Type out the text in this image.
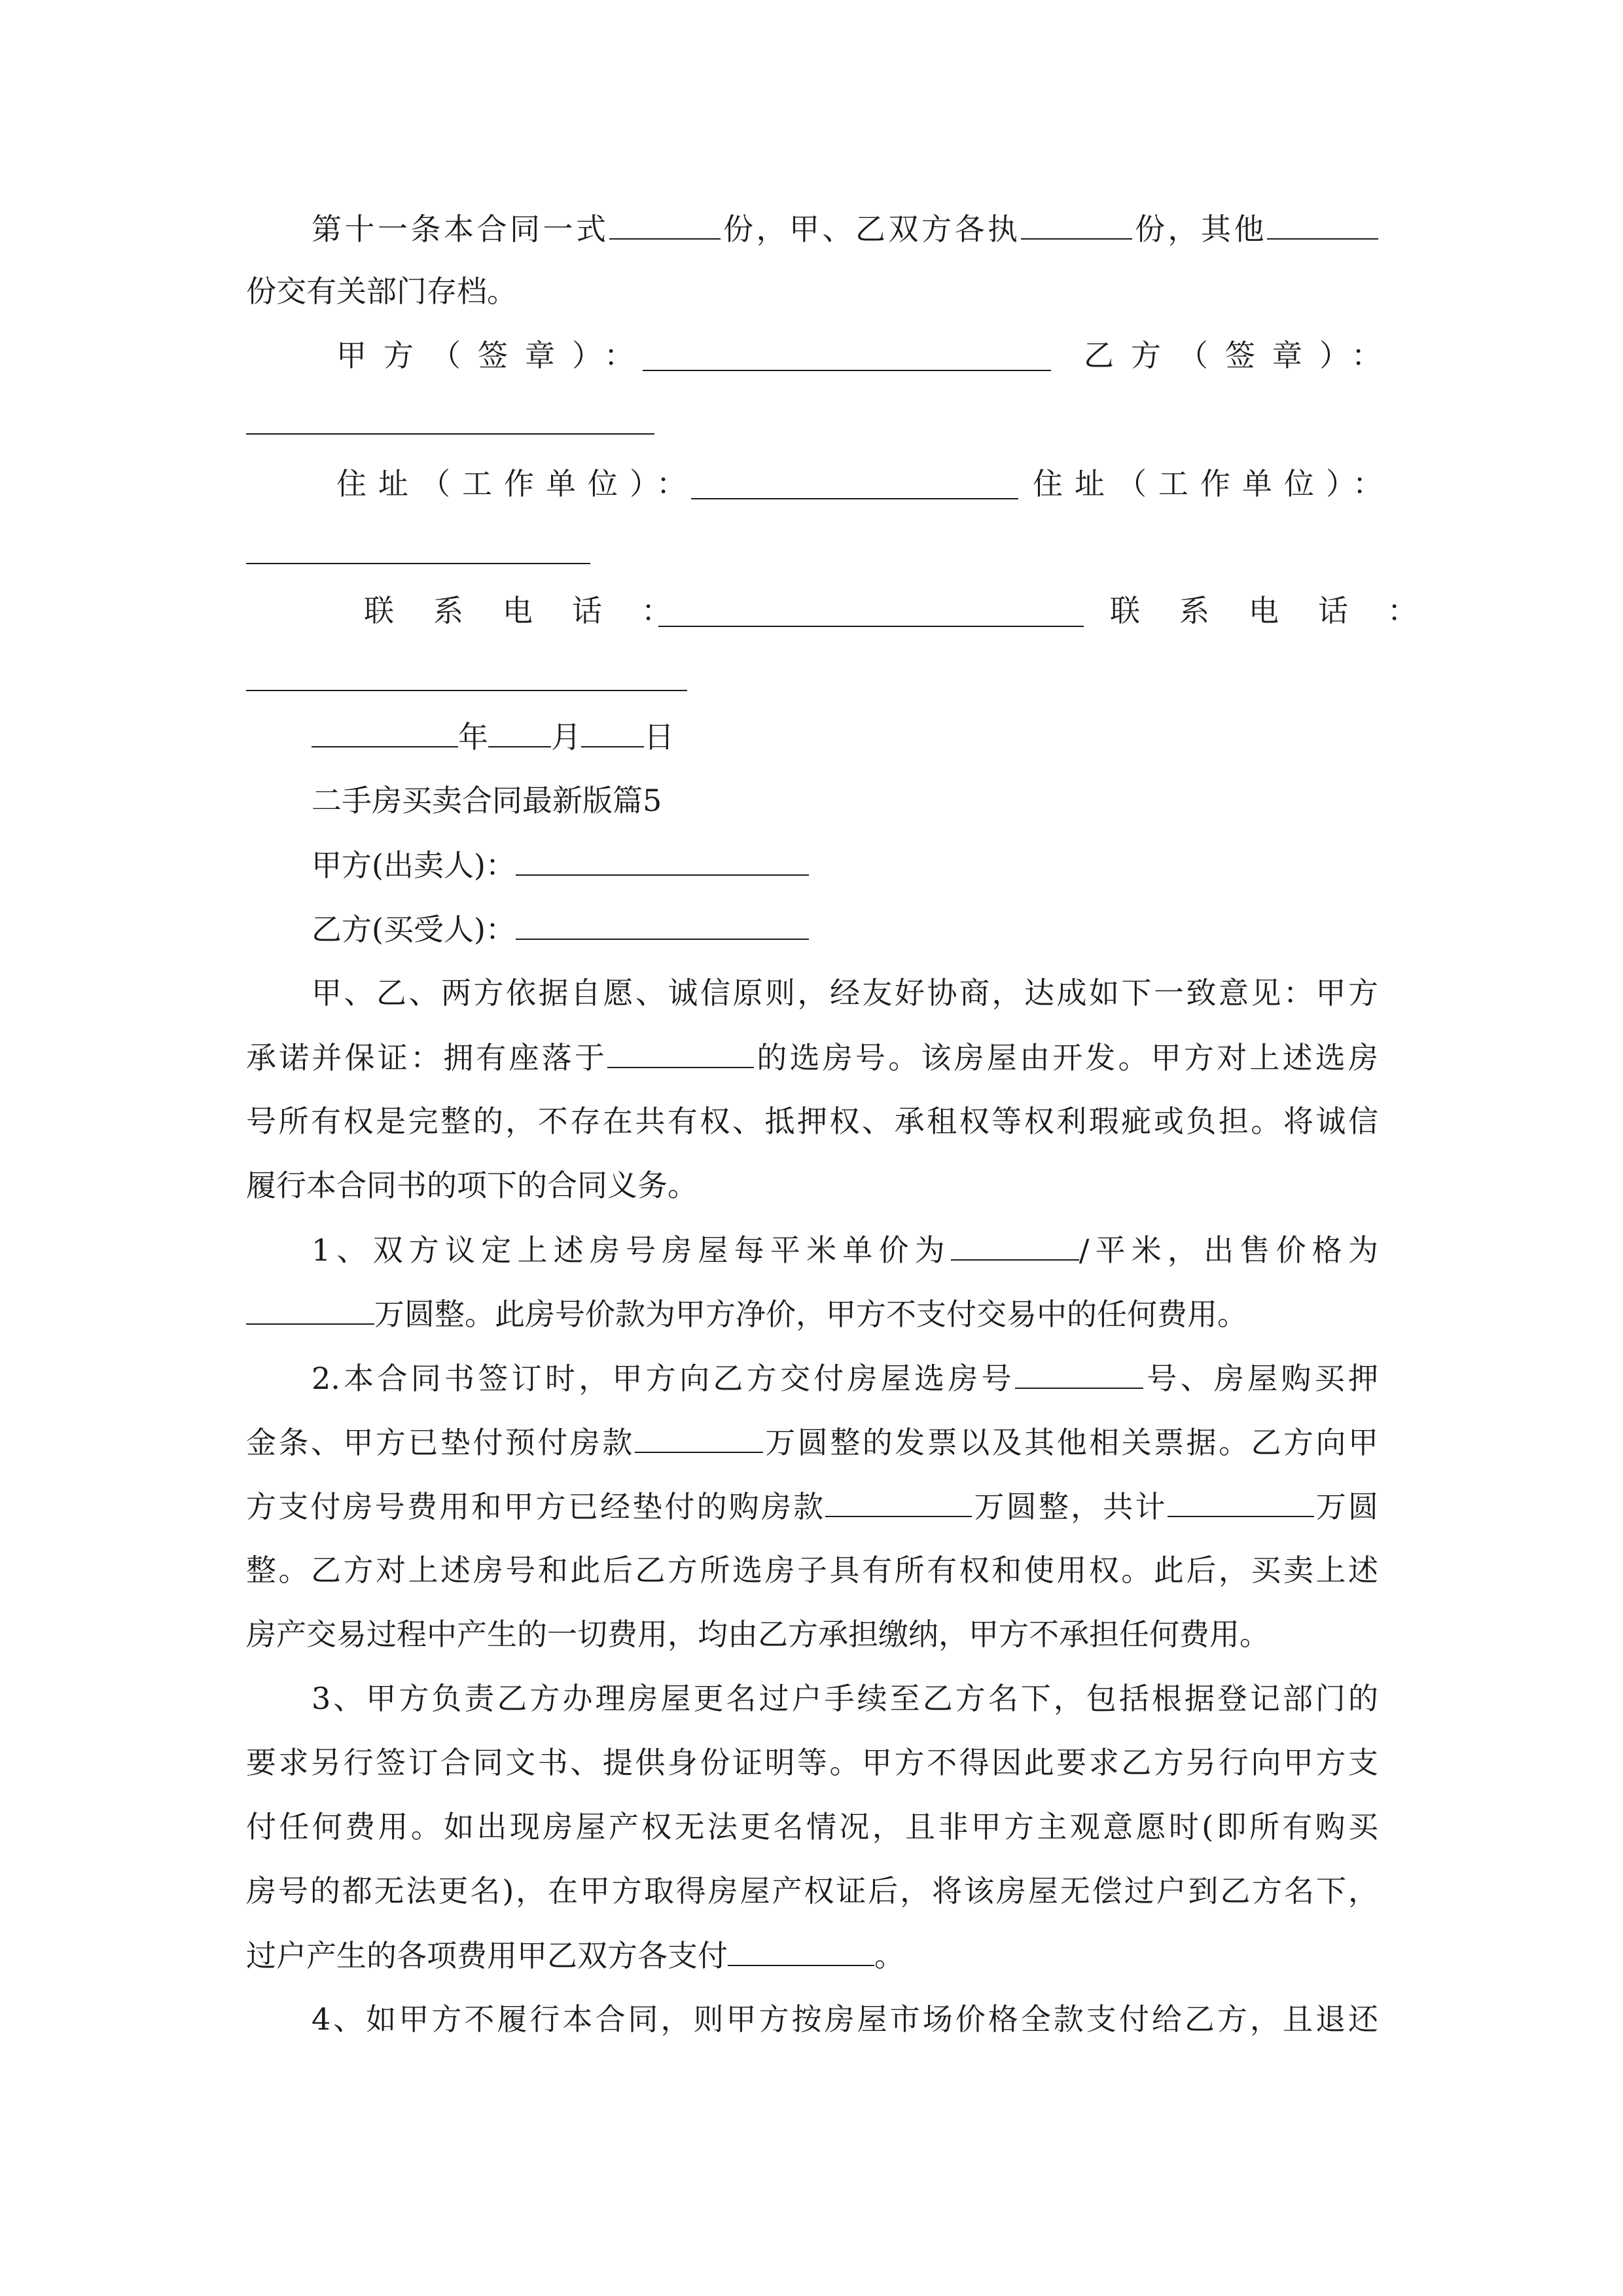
第十一条本合同一式	份，甲、乙双方各执	份，其他
份交有关部门存档。
甲方（签章）：	乙方（签章）：
住址（工作单位）：	住址（工作单位）：
联系电话：	联系电话：
年 月 日
二手房买卖合同最新版篇5
甲方(出卖人)：
乙方(买受人)：
甲、乙、两方依据自愿、诚信原则，经友好协商，达成如下一致意见：甲方
承诺并保证：拥有座落于	的选房号。该房屋由开发。甲方对上述选房
号所有权是完整的，不存在共有权、抵押权、承租权等权利瑕疵或负担。将诚信
履行本合同书的项下的合同义务。
1、双方议定上述房号房屋每平米单价为	/平米，出售价格为
万圆整。此房号价款为甲方净价，甲方不支付交易中的任何费用。
2.本合同书签订时，甲方向乙方交付房屋选房号	号、房屋购买押
金条、甲方已垫付预付房款	万圆整的发票以及其他相关票据。乙方向甲
方支付房号费用和甲方已经垫付的购房款	万圆整，共计	万圆
整。乙方对上述房号和此后乙方所选房子具有所有权和使用权。此后，买卖上述
房产交易过程中产生的一切费用，均由乙方承担缴纳，甲方不承担任何费用。
3、甲方负责乙方办理房屋更名过户手续至乙方名下，包括根据登记部门的
要求另行签订合同文书、提供身份证明等。甲方不得因此要求乙方另行向甲方支
付任何费用。如出现房屋产权无法更名情况，且非甲方主观意愿时(即所有购买
房号的都无法更名)，在甲方取得房屋产权证后，将该房屋无偿过户到乙方名下，
过户产生的各项费用甲乙双方各支付	。
4、如甲方不履行本合同，则甲方按房屋市场价格全款支付给乙方，且退还
